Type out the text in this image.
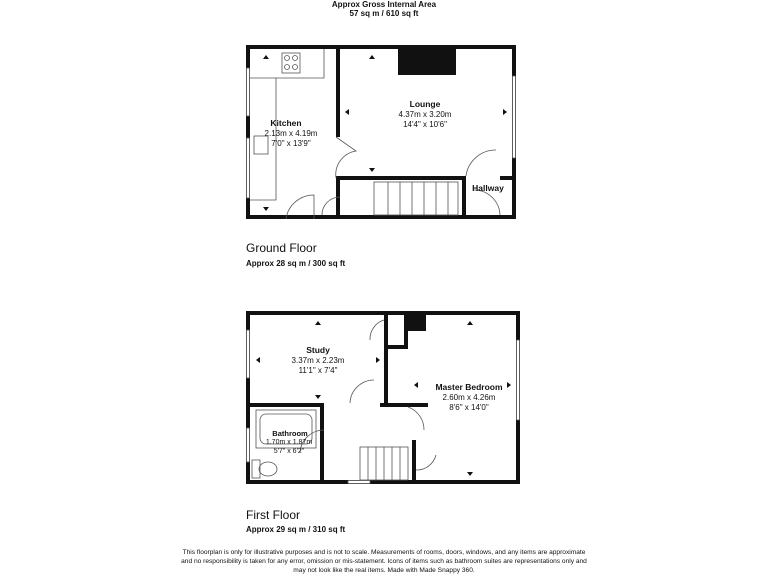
Approx Gross Internal Area
57 sq m / 610 sq ft
Kitchen
2.13m x 4.19m
7'0" x 13'9"
Lounge
4.37m x 3.20m
14'4" x 10'6"
Hallway
Ground Floor
Approx 28 sq m / 300 sq ft
Study
3.37m x 2.23m
11'1" x 7'4"
Master Bedroom
2.60m x 4.26m
8'6" x 14'0"
Bathroom
1.70m x 1.87m
5'7" x 6'2"
First Floor
Approx 29 sq m / 310 sq ft
This floorplan is only for illustrative purposes and is not to scale. Measurements of rooms, doors, windows, and any items are approximate
and no responsibility is taken for any error, omission or mis-statement. Icons of items such as bathroom suites are representations only and
may not look like the real items. Made with Made Snappy 360.
